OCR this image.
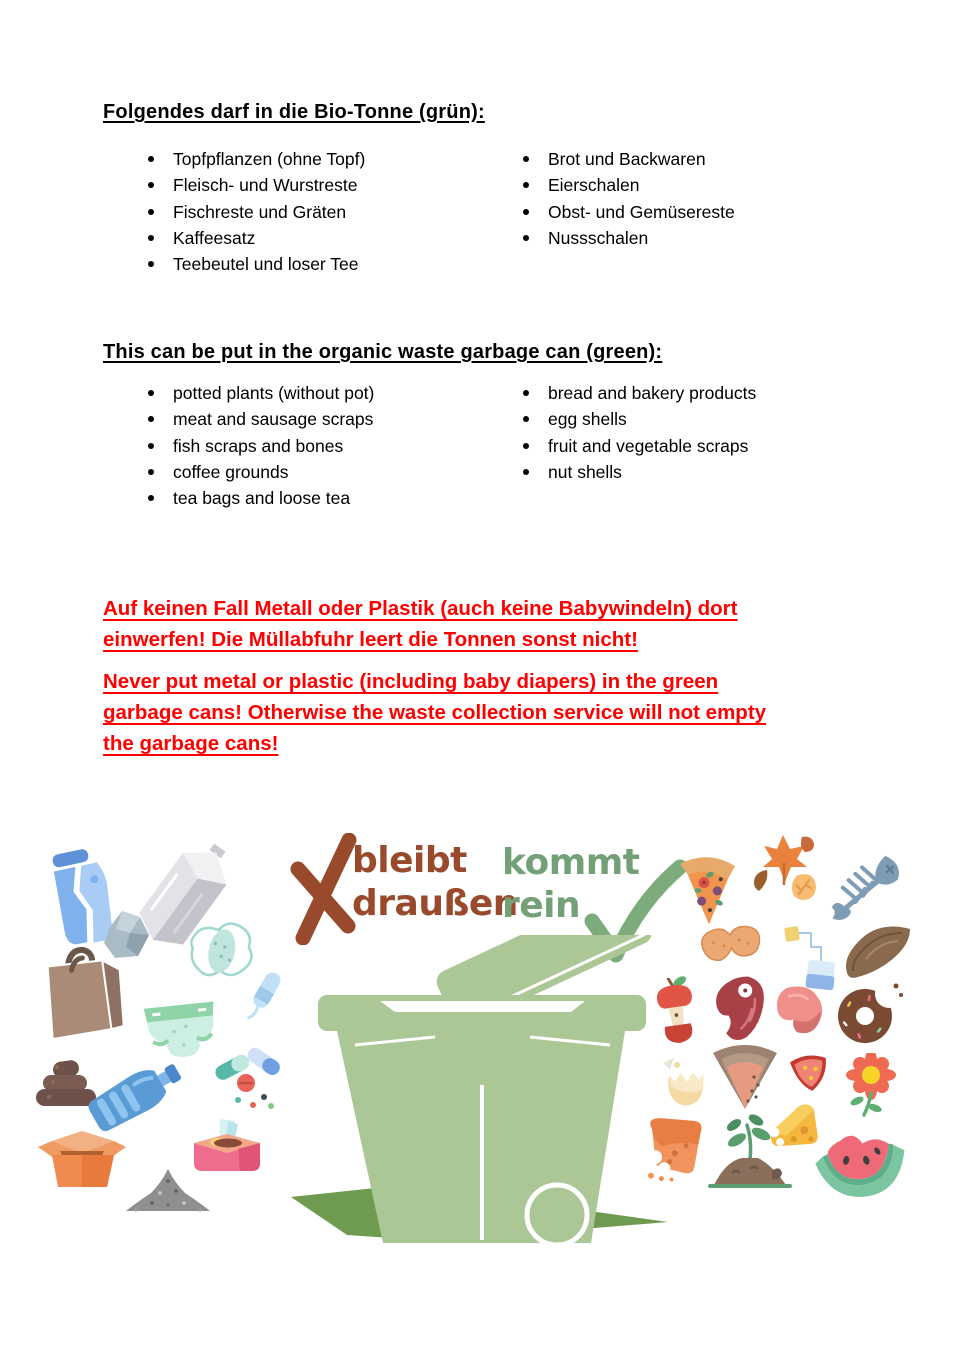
Folgendes darf in die Bio-Tonne (grün):
Topfpflanzen (ohne Topf)
Fleisch- und Wurstreste
Fischreste und Gräten
Kaffeesatz
Teebeutel und loser Tee
Brot und Backwaren
Eierschalen
Obst- und Gemüsereste
Nussschalen
This can be put in the organic waste garbage can (green):
potted plants (without pot)
meat and sausage scraps
fish scraps and bones
coffee grounds
tea bags and loose tea
bread and bakery products
egg shells
fruit and vegetable scraps
nut shells
Auf keinen Fall Metall oder Plastik (auch keine Babywindeln) dort
einwerfen! Die Müllabfuhr leert die Tonnen sonst nicht!
Never put metal or plastic (including baby diapers) in the green
garbage cans! Otherwise the waste collection service will not empty
the garbage cans!
bleibt
draußen
kommt
rein
